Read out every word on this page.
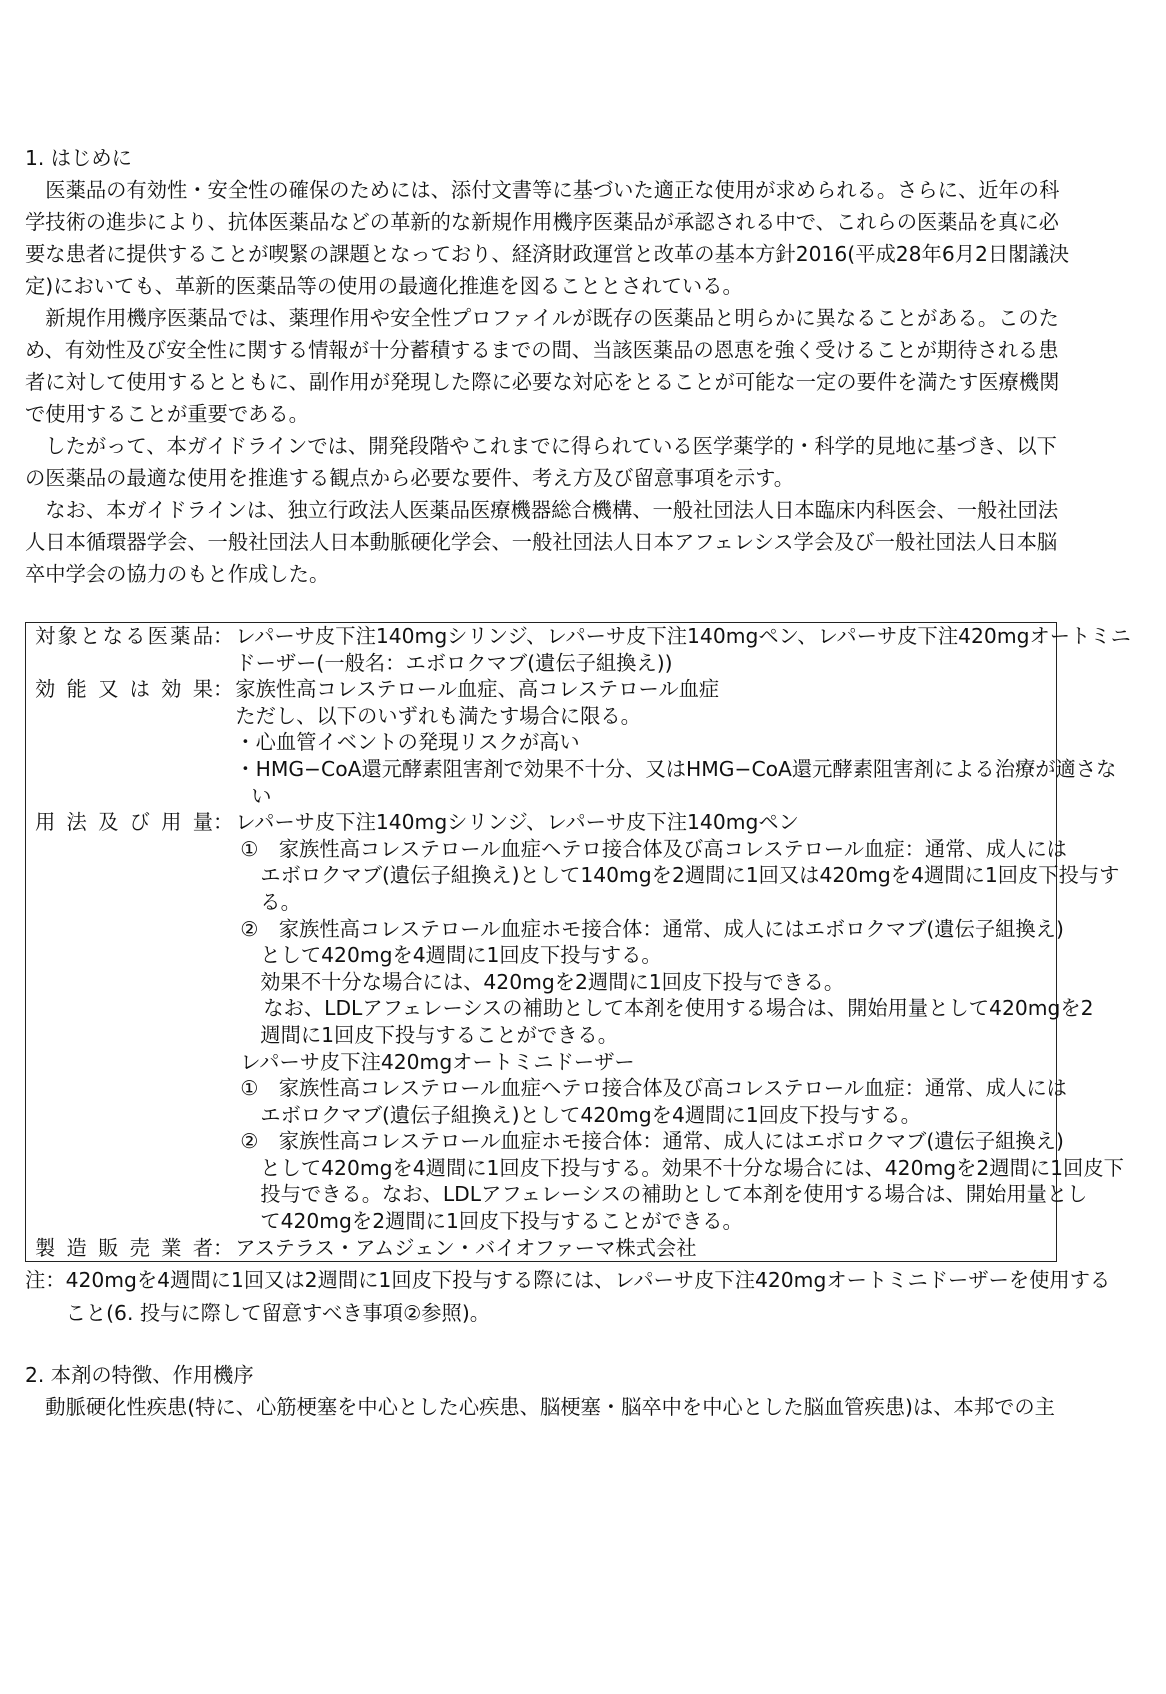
1. はじめに
　医薬品の有効性・安全性の確保のためには、添付文書等に基づいた適正な使用が求められる。さらに、近年の科
学技術の進歩により、抗体医薬品などの革新的な新規作用機序医薬品が承認される中で、これらの医薬品を真に必
要な患者に提供することが喫緊の課題となっており、経済財政運営と改革の基本方針2016(平成28年6月2日閣議決
定)においても、革新的医薬品等の使用の最適化推進を図ることとされている。
　新規作用機序医薬品では、薬理作用や安全性プロファイルが既存の医薬品と明らかに異なることがある。このた
め、有効性及び安全性に関する情報が十分蓄積するまでの間、当該医薬品の恩恵を強く受けることが期待される患
者に対して使用するとともに、副作用が発現した際に必要な対応をとることが可能な一定の要件を満たす医療機関
で使用することが重要である。
　したがって、本ガイドラインでは、開発段階やこれまでに得られている医学薬学的・科学的見地に基づき、以下
の医薬品の最適な使用を推進する観点から必要な要件、考え方及び留意事項を示す。
　なお、本ガイドラインは、独立行政法人医薬品医療機器総合機構、一般社団法人日本臨床内科医会、一般社団法
人日本循環器学会、一般社団法人日本動脈硬化学会、一般社団法人日本アフェレシス学会及び一般社団法人日本脳
卒中学会の協力のもと作成した。
対象となる医薬品 ： レパーサ皮下注140mgシリンジ、レパーサ皮下注140mgペン、レパーサ皮下注420mgオートミニ
ドーザー(一般名：エボロクマブ(遺伝子組換え))
効能又は効果 ： 家族性高コレステロール血症、高コレステロール血症
ただし、以下のいずれも満たす場合に限る。
・心血管イベントの発現リスクが高い
・HMG−CoA還元酵素阻害剤で効果不十分、又はHMG−CoA還元酵素阻害剤による治療が適さな
い
用法及び用量 ： レパーサ皮下注140mgシリンジ、レパーサ皮下注140mgペン
①　家族性高コレステロール血症ヘテロ接合体及び高コレステロール血症：通常、成人には
エボロクマブ(遺伝子組換え)として140mgを2週間に1回又は420mgを4週間に1回皮下投与す
る。
②　家族性高コレステロール血症ホモ接合体：通常、成人にはエボロクマブ(遺伝子組換え)
として420mgを4週間に1回皮下投与する。
効果不十分な場合には、420mgを2週間に1回皮下投与できる。
なお、LDLアフェレーシスの補助として本剤を使用する場合は、開始用量として420mgを2
週間に1回皮下投与することができる。
レパーサ皮下注420mgオートミニドーザー
①　家族性高コレステロール血症ヘテロ接合体及び高コレステロール血症：通常、成人には
エボロクマブ(遺伝子組換え)として420mgを4週間に1回皮下投与する。
②　家族性高コレステロール血症ホモ接合体：通常、成人にはエボロクマブ(遺伝子組換え)
として420mgを4週間に1回皮下投与する。効果不十分な場合には、420mgを2週間に1回皮下
投与できる。なお、LDLアフェレーシスの補助として本剤を使用する場合は、開始用量とし
て420mgを2週間に1回皮下投与することができる。
製造販売業者 ： アステラス・アムジェン・バイオファーマ株式会社
注：420mgを4週間に1回又は2週間に1回皮下投与する際には、レパーサ皮下注420mgオートミニドーザーを使用する
　　こと(6. 投与に際して留意すべき事項②参照)。
2. 本剤の特徴、作用機序
　動脈硬化性疾患(特に、心筋梗塞を中心とした心疾患、脳梗塞・脳卒中を中心とした脳血管疾患)は、本邦での主
